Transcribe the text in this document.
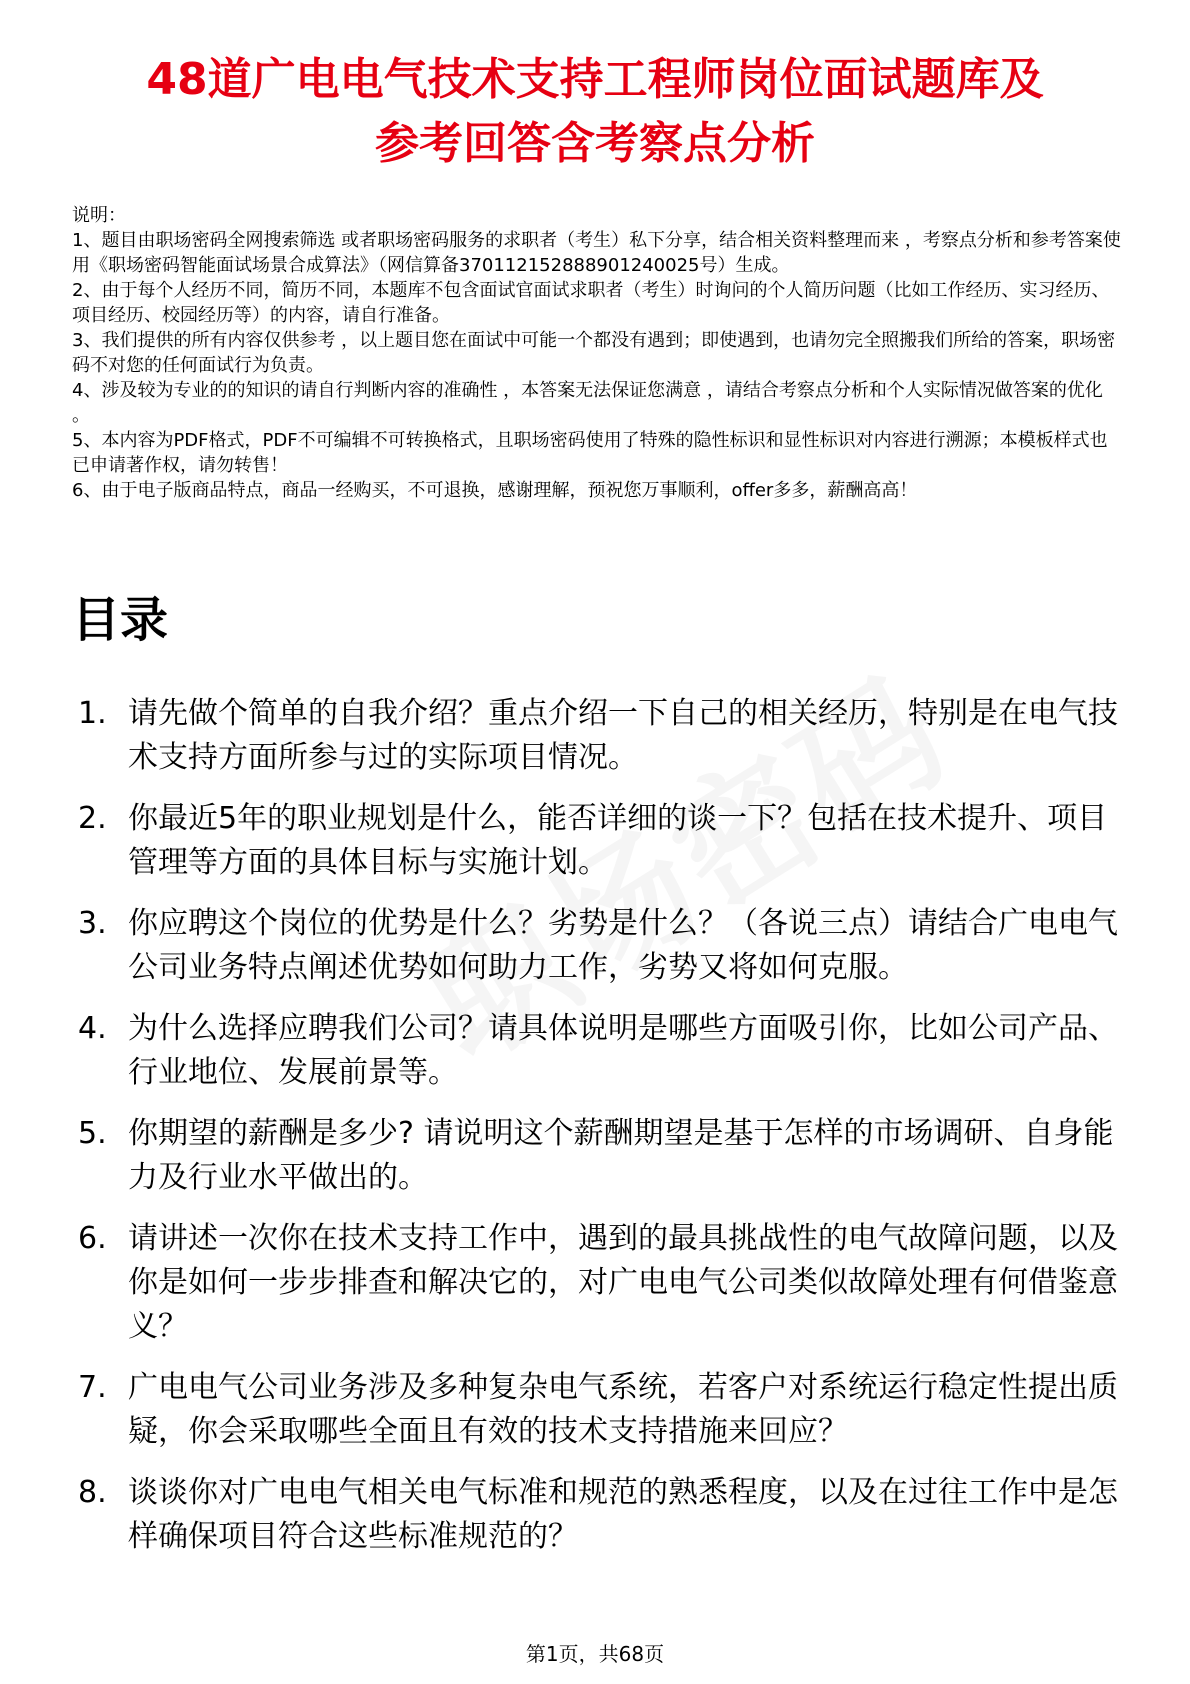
48道广电电气技术支持工程师岗位面试题库及
参考回答含考察点分析
说明：
1、题目由职场密码全网搜索筛选 或者职场密码服务的求职者（考生）私下分享，结合相关资料整理而来 ，考察点分析和参考答案使用《职场密码智能面试场景合成算法》（网信算备370112152888901240025号）生成。
2、由于每个人经历不同，简历不同，本题库不包含面试官面试求职者（考生）时询问的个人简历问题（比如工作经历、实习经历、项目经历、校园经历等）的内容，请自行准备。
3、我们提供的所有内容仅供参考 ，以上题目您在面试中可能一个都没有遇到；即使遇到，也请勿完全照搬我们所给的答案，职场密码不对您的任何面试行为负责。
4、涉及较为专业的的知识的请自行判断内容的准确性 ，本答案无法保证您满意 ，请结合考察点分析和个人实际情况做答案的优化 。
5、本内容为PDF格式，PDF不可编辑不可转换格式，且职场密码使用了特殊的隐性标识和显性标识对内容进行溯源；本模板样式也已申请著作权，请勿转售！
6、由于电子版商品特点，商品一经购买，不可退换，感谢理解，预祝您万事顺利，offer多多，薪酬高高！
目录
1. 请先做个简单的自我介绍？重点介绍一下自己的相关经历，特别是在电气技术支持方面所参与过的实际项目情况。
2. 你最近5年的职业规划是什么，能否详细的谈一下？包括在技术提升、项目管理等方面的具体目标与实施计划。
3. 你应聘这个岗位的优势是什么？劣势是什么？（各说三点）请结合广电电气公司业务特点阐述优势如何助力工作，劣势又将如何克服。
4. 为什么选择应聘我们公司？请具体说明是哪些方面吸引你，比如公司产品、行业地位、发展前景等。
5. 你期望的薪酬是多少? 请说明这个薪酬期望是基于怎样的市场调研、自身能力及行业水平做出的。
6. 请讲述一次你在技术支持工作中，遇到的最具挑战性的电气故障问题，以及你是如何一步步排查和解决它的，对广电电气公司类似故障处理有何借鉴意义？
7. 广电电气公司业务涉及多种复杂电气系统，若客户对系统运行稳定性提出质疑，你会采取哪些全面且有效的技术支持措施来回应？
8. 谈谈你对广电电气相关电气标准和规范的熟悉程度，以及在过往工作中是怎样确保项目符合这些标准规范的？
第1页，共68页
